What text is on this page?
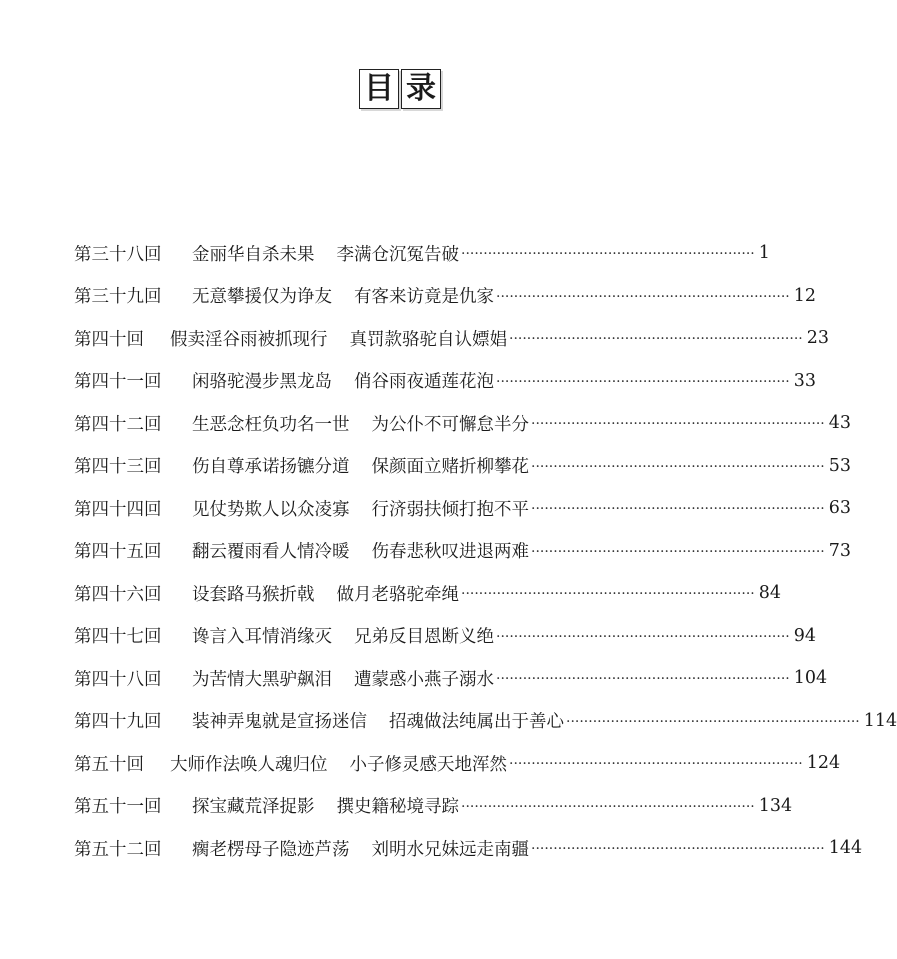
目 录
第三十八回	金丽华自杀未果 李满仓沉冤告破 ·································································· 1
第三十九回	无意攀援仅为诤友 有客来访竟是仇家 ·································································· 12
第四十回	假卖淫谷雨被抓现行 真罚款骆驼自认嫖娼 ·································································· 23
第四十一回	闲骆驼漫步黑龙岛 俏谷雨夜遁莲花泡 ·································································· 33
第四十二回	生恶念枉负功名一世 为公仆不可懈怠半分 ·································································· 43
第四十三回	伤自尊承诺扬镳分道 保颜面立赌折柳攀花 ·································································· 53
第四十四回	见仗势欺人以众凌寡 行济弱扶倾打抱不平 ·································································· 63
第四十五回	翻云覆雨看人情冷暖 伤春悲秋叹进退两难 ·································································· 73
第四十六回	设套路马猴折戟 做月老骆驼牵绳 ·································································· 84
第四十七回	谗言入耳情消缘灭 兄弟反目恩断义绝 ·································································· 94
第四十八回	为苦情大黑驴飙泪 遭蒙惑小燕子溺水 ·································································· 104
第四十九回	装神弄鬼就是宣扬迷信 招魂做法纯属出于善心 ·································································· 114
第五十回	大师作法唤人魂归位 小子修灵感天地浑然 ·································································· 124
第五十一回	探宝藏荒泽捉影 撰史籍秘境寻踪 ·································································· 134
第五十二回	瘸老楞母子隐迹芦荡 刘明水兄妹远走南疆 ·································································· 144
